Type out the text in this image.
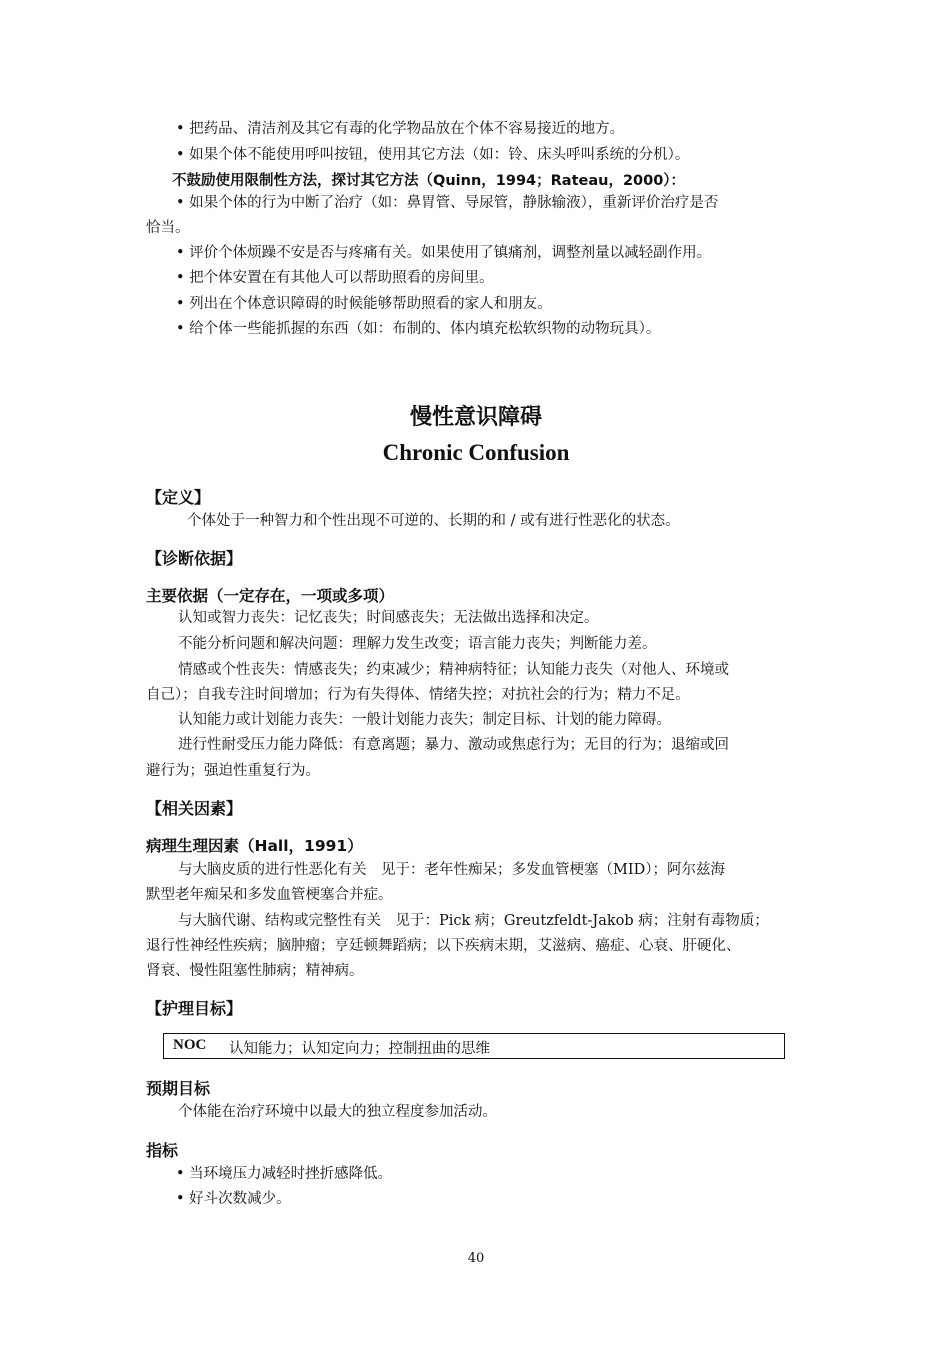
• 把药品、清洁剂及其它有毒的化学物品放在个体不容易接近的地方。
• 如果个体不能使用呼叫按钮，使用其它方法（如：铃、床头呼叫系统的分机）。
不鼓励使用限制性方法，探讨其它方法（Quinn，1994；Rateau，2000）：
• 如果个体的行为中断了治疗（如：鼻胃管、导尿管，静脉输液），重新评价治疗是否
恰当。
• 评价个体烦躁不安是否与疼痛有关。如果使用了镇痛剂，调整剂量以减轻副作用。
• 把个体安置在有其他人可以帮助照看的房间里。
• 列出在个体意识障碍的时候能够帮助照看的家人和朋友。
• 给个体一些能抓握的东西（如：布制的、体内填充松软织物的动物玩具）。
慢性意识障碍
Chronic Confusion
【定义】
个体处于一种智力和个性出现不可逆的、长期的和 / 或有进行性恶化的状态。
【诊断依据】
主要依据（一定存在，一项或多项）
认知或智力丧失：记忆丧失；时间感丧失；无法做出选择和决定。
不能分析问题和解决问题：理解力发生改变；语言能力丧失；判断能力差。
情感或个性丧失：情感丧失；约束减少；精神病特征；认知能力丧失（对他人、环境或
自己）；自我专注时间增加；行为有失得体、情绪失控；对抗社会的行为；精力不足。
认知能力或计划能力丧失：一般计划能力丧失；制定目标、计划的能力障碍。
进行性耐受压力能力降低：有意离题；暴力、激动或焦虑行为；无目的行为；退缩或回
避行为；强迫性重复行为。
【相关因素】
病理生理因素（Hall，1991）
与大脑皮质的进行性恶化有关　见于：老年性痴呆；多发血管梗塞（MID）；阿尔兹海
默型老年痴呆和多发血管梗塞合并症。
与大脑代谢、结构或完整性有关　见于：Pick 病；Greutzfeldt-Jakob 病；注射有毒物质；
退行性神经性疾病；脑肿瘤；亨廷顿舞蹈病；以下疾病末期，艾滋病、癌症、心衰、肝硬化、
肾衰、慢性阻塞性肺病；精神病。
【护理目标】
NOC 认知能力；认知定向力；控制扭曲的思维
预期目标
个体能在治疗环境中以最大的独立程度参加活动。
指标
• 当环境压力减轻时挫折感降低。
• 好斗次数减少。
40
